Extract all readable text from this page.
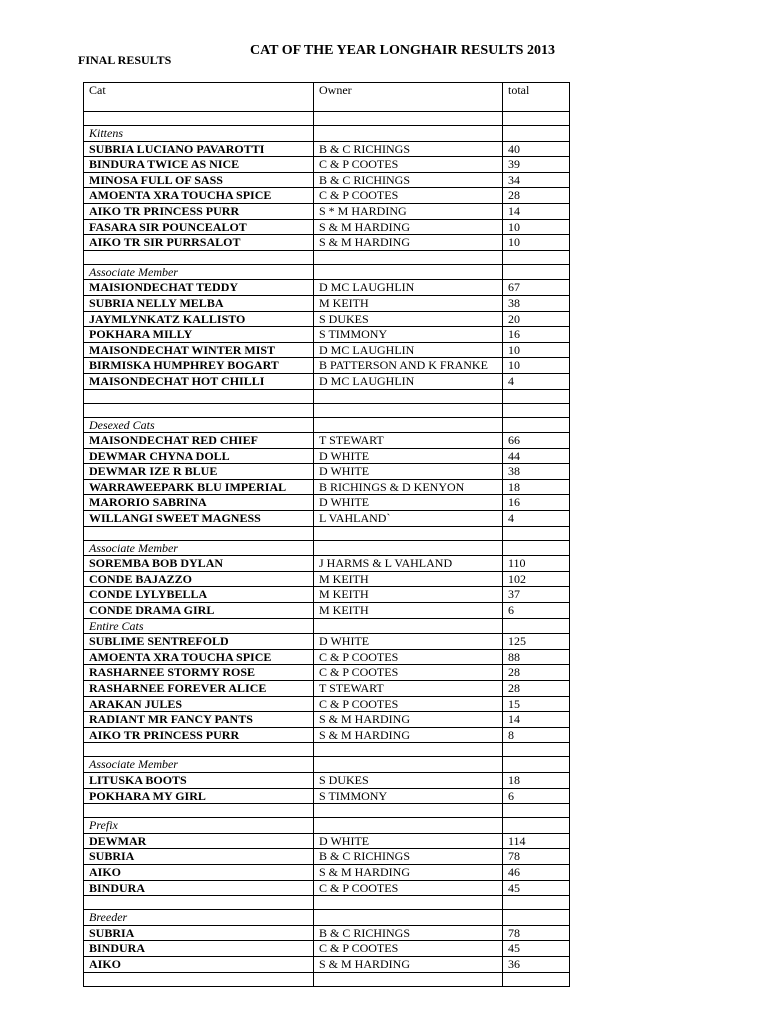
FINAL RESULTS
CAT OF THE YEAR LONGHAIR RESULTS 2013
Cat	Owner	total

Kittens		
SUBRIA LUCIANO PAVAROTTI	B & C RICHINGS	40
BINDURA TWICE AS NICE	C & P COOTES	39
MINOSA FULL OF SASS	B & C RICHINGS	34
AMOENTA XRA TOUCHA SPICE	C & P COOTES	28
AIKO TR PRINCESS PURR	S * M HARDING	14
FASARA SIR POUNCEALOT	S & M HARDING	10
AIKO TR SIR PURRSALOT	S & M HARDING	10

Associate Member		
MAISIONDECHAT TEDDY	D MC LAUGHLIN	67
SUBRIA NELLY MELBA	M KEITH	38
JAYMLYNKATZ KALLISTO	S DUKES	20
POKHARA MILLY	S TIMMONY	16
MAISONDECHAT WINTER MIST	D MC LAUGHLIN	10
BIRMISKA HUMPHREY BOGART	B PATTERSON AND K FRANKE	10
MAISONDECHAT HOT CHILLI	D MC LAUGHLIN	4

Desexed Cats		
MAISONDECHAT RED CHIEF	T STEWART	66
DEWMAR CHYNA DOLL	D WHITE	44
DEWMAR IZE R BLUE	D WHITE	38
WARRAWEEPARK BLU IMPERIAL	B RICHINGS & D KENYON	18
MARORIO SABRINA	D WHITE	16
WILLANGI SWEET MAGNESS	L VAHLAND`	4

Associate Member		
SOREMBA BOB DYLAN	J HARMS & L VAHLAND	110
CONDE BAJAZZO	M KEITH	102
CONDE LYLYBELLA	M KEITH	37
CONDE DRAMA GIRL	M KEITH	6
Entire Cats		
SUBLIME SENTREFOLD	D WHITE	125
AMOENTA XRA TOUCHA SPICE	C & P COOTES	88
RASHARNEE STORMY ROSE	C & P COOTES	28
RASHARNEE FOREVER ALICE	T STEWART	28
ARAKAN JULES	C & P COOTES	15
RADIANT MR FANCY PANTS	S & M HARDING	14
AIKO TR PRINCESS PURR	S & M HARDING	8

Associate Member		
LITUSKA BOOTS	S DUKES	18
POKHARA MY GIRL	S TIMMONY	6

Prefix		
DEWMAR	D WHITE	114
SUBRIA	B & C RICHINGS	78
AIKO	S & M HARDING	46
BINDURA	C & P COOTES	45

Breeder		
SUBRIA	B & C RICHINGS	78
BINDURA	C & P COOTES	45
AIKO	S & M HARDING	36
